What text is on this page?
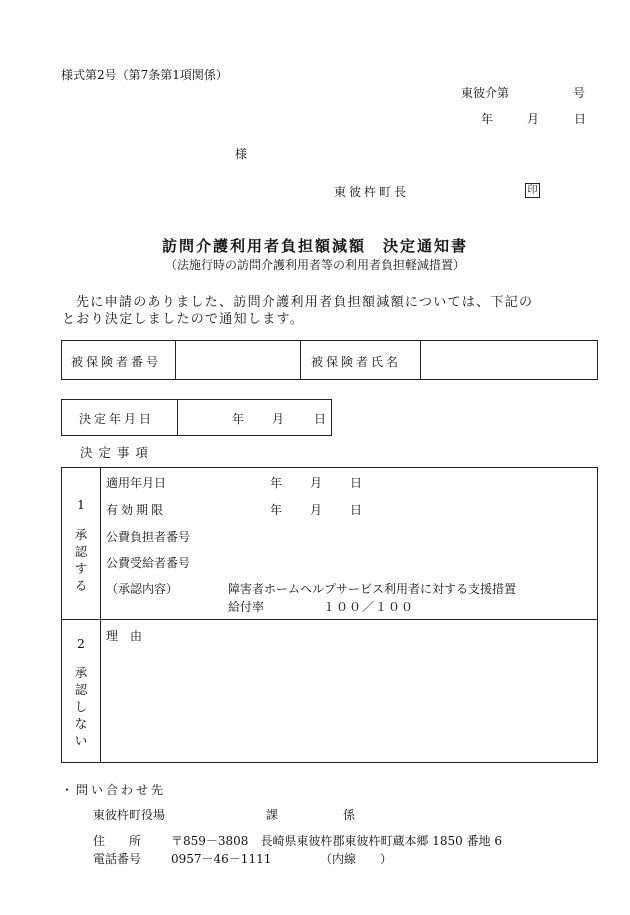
様式第2号（第7条第1項関係）
東彼介第	号
年	月	日
様
東彼杵町長	印
訪問介護利用者負担額減額　決定通知書
（法施行時の訪問介護利用者等の利用者負担軽減措置）
先に申請のありました、訪問介護利用者負担額減額については、下記の
とおり決定しましたので通知します。
被保険者番号	被保険者氏名
決定年月日	年 月 日
決 定 事 項
1
承認する
適用年月日	年 月 日
有効期限	年 月 日
公費負担者番号
公費受給者番号
（承認内容）	障害者ホームヘルプサービス利用者に対する支援措置
給付率	１００／１００
2
承認しない
理　由
・問い合わせ先
東彼杵町役場	課	係
住　　所 〒859－3808　長崎県東彼杵郡東彼杵町蔵本郷 1850 番地 6
電話番号 0957－46－1111	（内線　　）
